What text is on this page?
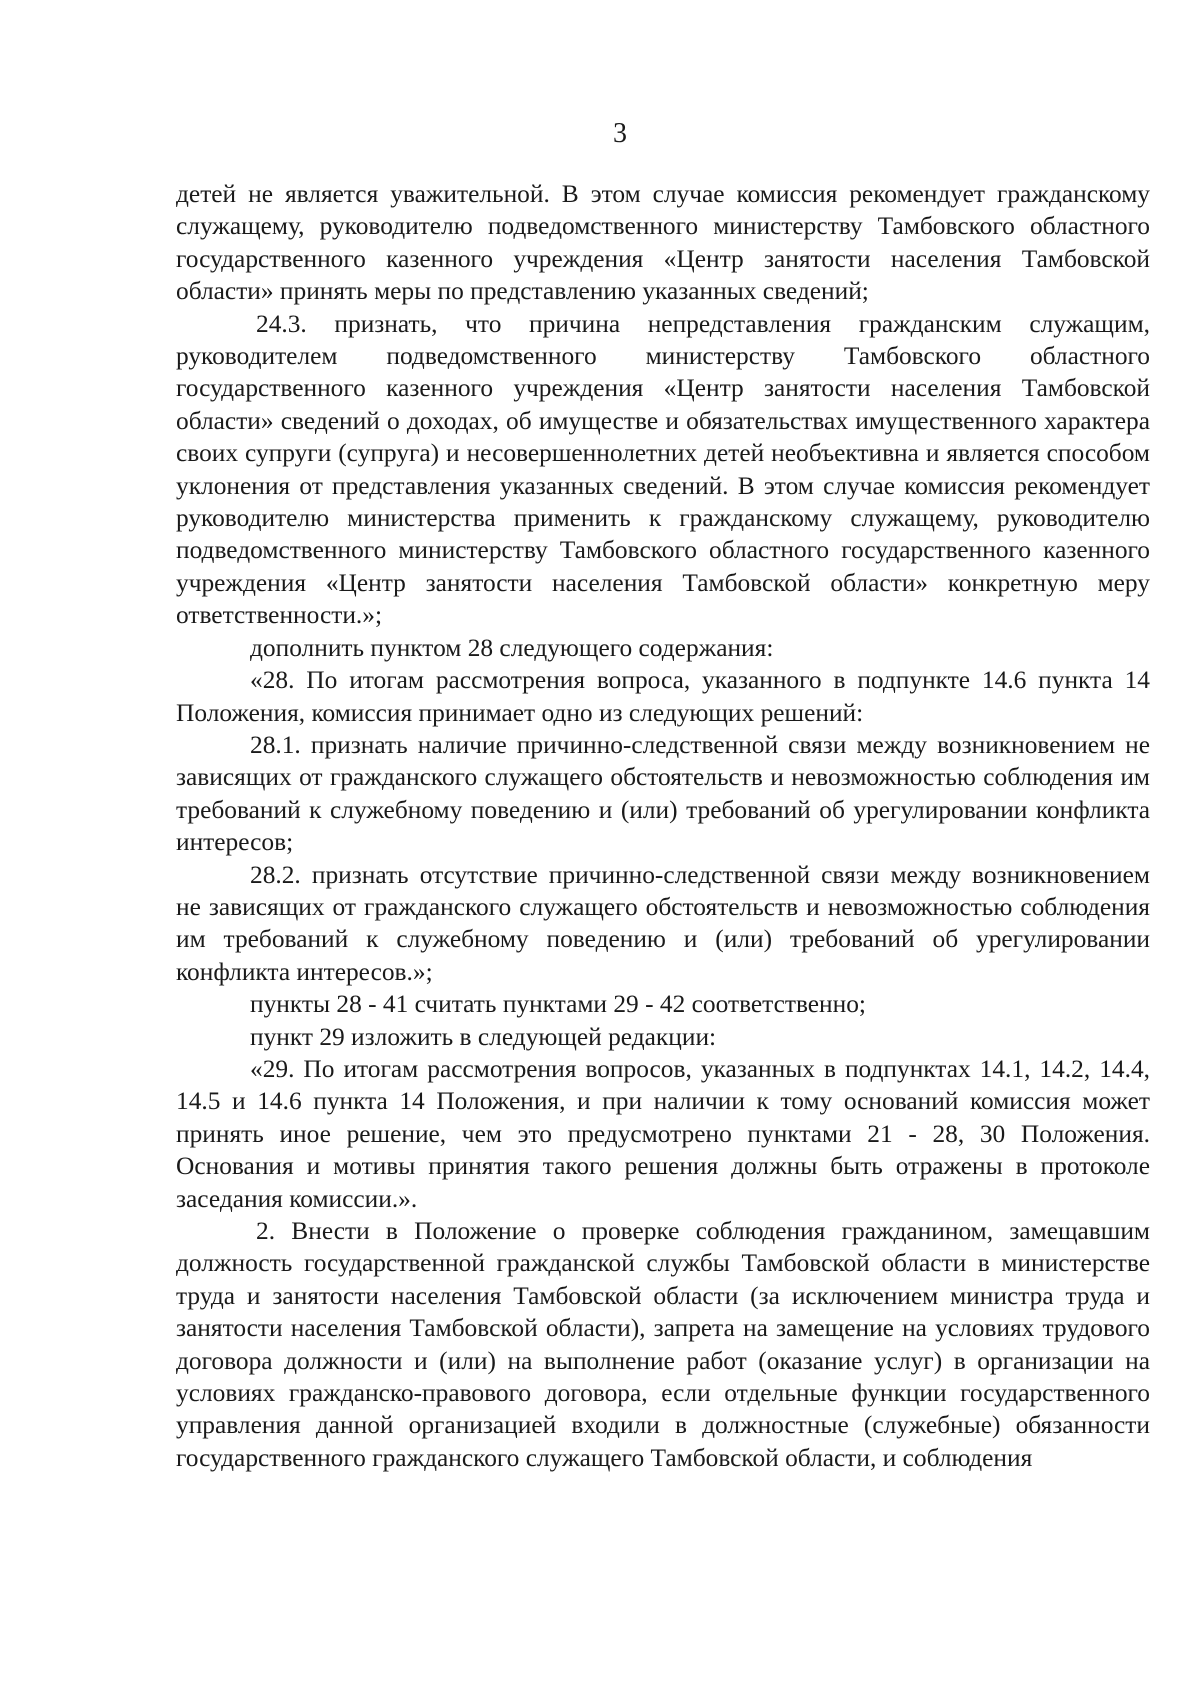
3

детей не является уважительной. В этом случае комиссия рекомендует гражданскому служащему, руководителю подведомственного министерству Тамбовского областного государственного казенного учреждения «Центр занятости населения Тамбовской области» принять меры по представлению указанных сведений;

24.3. признать, что причина непредставления гражданским служащим, руководителем подведомственного министерству Тамбовского областного государственного казенного учреждения «Центр занятости населения Тамбовской области» сведений о доходах, об имуществе и обязательствах имущественного характера своих супруги (супруга) и несовершеннолетних детей необъективна и является способом уклонения от представления указанных сведений. В этом случае комиссия рекомендует руководителю министерства применить к гражданскому служащему, руководителю подведомственного министерству Тамбовского областного государственного казенного учреждения «Центр занятости населения Тамбовской области» конкретную меру ответственности.»;

дополнить пунктом 28 следующего содержания:

«28. По итогам рассмотрения вопроса, указанного в подпункте 14.6 пункта 14 Положения, комиссия принимает одно из следующих решений:

28.1. признать наличие причинно-следственной связи между возникновением не зависящих от гражданского служащего обстоятельств и невозможностью соблюдения им требований к служебному поведению и (или) требований об урегулировании конфликта интересов;

28.2. признать отсутствие причинно-следственной связи между возникновением не зависящих от гражданского служащего обстоятельств и невозможностью соблюдения им требований к служебному поведению и (или) требований об урегулировании конфликта интересов.»;

пункты 28 - 41 считать пунктами 29 - 42 соответственно;

пункт 29 изложить в следующей редакции:

«29. По итогам рассмотрения вопросов, указанных в подпунктах 14.1, 14.2, 14.4, 14.5 и 14.6 пункта 14 Положения, и при наличии к тому оснований комиссия может принять иное решение, чем это предусмотрено пунктами 21 - 28, 30 Положения. Основания и мотивы принятия такого решения должны быть отражены в протоколе заседания комиссии.».

2. Внести в Положение о проверке соблюдения гражданином, замещавшим должность государственной гражданской службы Тамбовской области в министерстве труда и занятости населения Тамбовской области (за исключением министра труда и занятости населения Тамбовской области), запрета на замещение на условиях трудового договора должности и (или) на выполнение работ (оказание услуг) в организации на условиях гражданско-правового договора, если отдельные функции государственного управления данной организацией входили в должностные (служебные) обязанности государственного гражданского служащего Тамбовской области, и соблюдения
